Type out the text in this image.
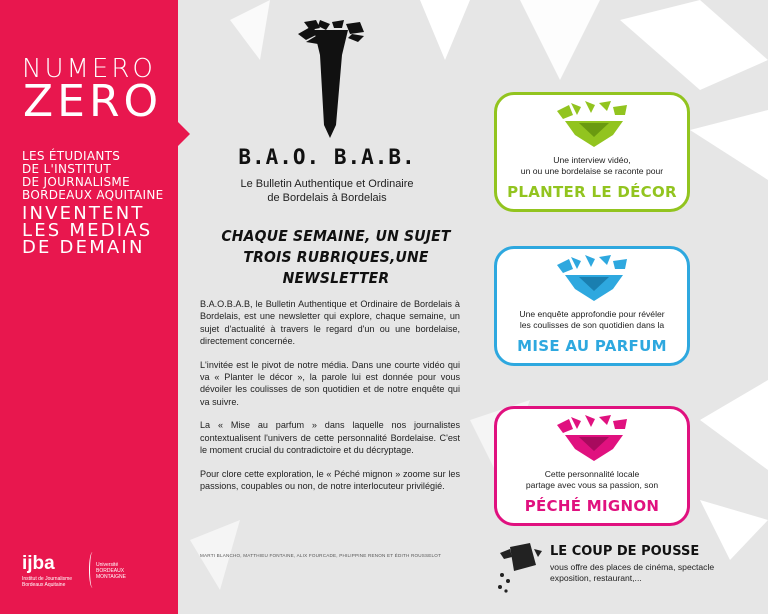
NUMERO
ZERO
LES ÉTUDIANTS
DE L'INSTITUT
DE JOURNALISME
BORDEAUX AQUITAINE
INVENTENT
LES MEDIAS
DE DEMAIN
ijba
Institut de Journalisme Bordeaux Aquitaine
Université BORDEAUX MONTAIGNE
B.A.O. B.A.B.
Le Bulletin Authentique et Ordinaire
de Bordelais à Bordelais
CHAQUE SEMAINE, UN SUJET
TROIS RUBRIQUES,UNE NEWSLETTER

B.A.O.B.A.B, le Bulletin Authentique et Ordinaire de Bordelais à Bordelais, est une newsletter qui explore, chaque semaine, un sujet d'actualité à travers le regard d'un ou une bordelaise, directement concernée.

L'invitée est le pivot de notre média. Dans une courte vidéo qui va « Planter le décor », la parole lui est donnée pour vous dévoiler les coulisses de son quotidien et de notre enquête qui va suivre.

La « Mise au parfum » dans laquelle nos journalistes contextualisent l'univers de cette personnalité Bordelaise. C'est le moment crucial du contradictoire et du décryptage.

Pour clore cette exploration, le « Péché mignon » zoome sur les passions, coupables ou non, de notre interlocuteur privilégié.

MARTI BLANCHO, MATTHIEU FONTAINE, ALIX FOURCADE, PHILIPPINE RENON ET ÉDITH ROUSSELOT
Une interview vidéo,
un ou une bordelaise se raconte pour
PLANTER LE DÉCOR
Une enquête approfondie pour révéler
les coulisses de son quotidien dans la
MISE AU PARFUM
Cette personnalité locale
partage avec vous sa passion, son
PÉCHÉ MIGNON
LE COUP DE POUSSE
vous offre des places de cinéma, spectacle
exposition, restaurant,...
